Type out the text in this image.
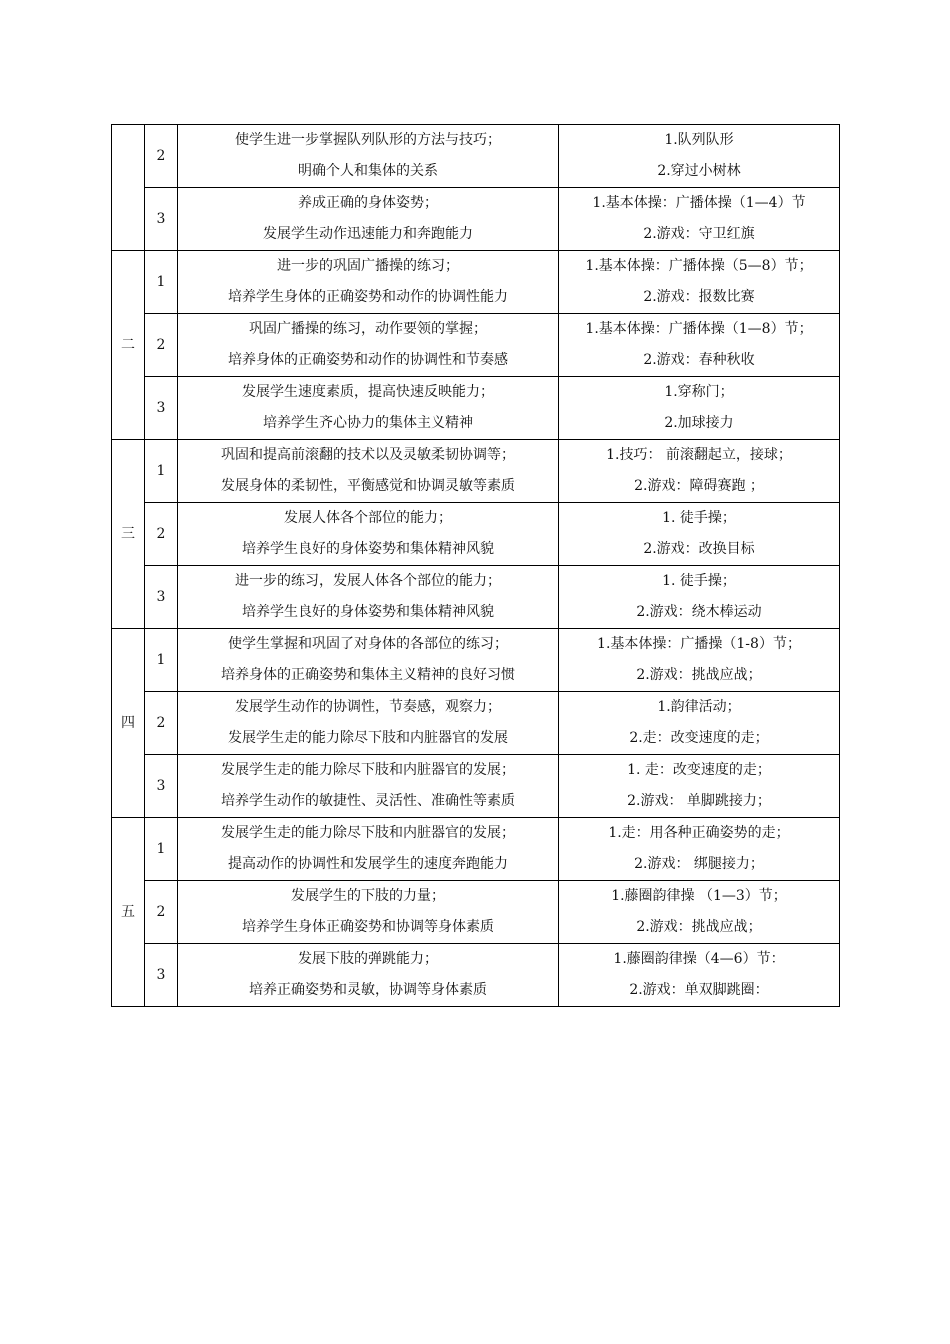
	2	使学生进一步掌握队列队形的方法与技巧；
明确个人和集体的关系	1.队列队形
2.穿过小树林

	3	养成正确的身体姿势；
发展学生动作迅速能力和奔跑能力	1.基本体操：广播体操（1—4）节
2.游戏：守卫红旗

二	1	进一步的巩固广播操的练习；
培养学生身体的正确姿势和动作的协调性能力	1.基本体操：广播体操（5—8）节；
2.游戏：报数比赛

	2	巩固广播操的练习，动作要领的掌握；
培养身体的正确姿势和动作的协调性和节奏感	1.基本体操：广播体操（1—8）节；
2.游戏：春种秋收

	3	发展学生速度素质，提高快速反映能力；
培养学生齐心协力的集体主义精神	1.穿称门；
2.加球接力

三	1	巩固和提高前滚翻的技术以及灵敏柔韧协调等；
发展身体的柔韧性，平衡感觉和协调灵敏等素质	1.技巧： 前滚翻起立，接球；
2.游戏：障碍赛跑 ；

	2	发展人体各个部位的能力；
培养学生良好的身体姿势和集体精神风貌	1. 徒手操；
2.游戏：改换目标

	3	进一步的练习，发展人体各个部位的能力；
培养学生良好的身体姿势和集体精神风貌	1. 徒手操；
2.游戏：绕木棒运动

四	1	使学生掌握和巩固了对身体的各部位的练习；
培养身体的正确姿势和集体主义精神的良好习惯	1.基本体操：广播操（1-8）节；
2.游戏：挑战应战；

	2	发展学生动作的协调性，节奏感，观察力；
发展学生走的能力除尽下肢和内脏器官的发展	1.韵律活动；
2.走：改变速度的走；

	3	发展学生走的能力除尽下肢和内脏器官的发展；
培养学生动作的敏捷性、灵活性、准确性等素质	1. 走：改变速度的走；
2.游戏： 单脚跳接力；

五	1	发展学生走的能力除尽下肢和内脏器官的发展；
提高动作的协调性和发展学生的速度奔跑能力	1.走：用各种正确姿势的走；
2.游戏： 绑腿接力；

	2	发展学生的下肢的力量；
培养学生身体正确姿势和协调等身体素质	1.藤圈韵律操 （1—3）节；
2.游戏：挑战应战；

	3	发展下肢的弹跳能力；
培养正确姿势和灵敏，协调等身体素质	1.藤圈韵律操（4—6）节：
2.游戏：单双脚跳圈：
